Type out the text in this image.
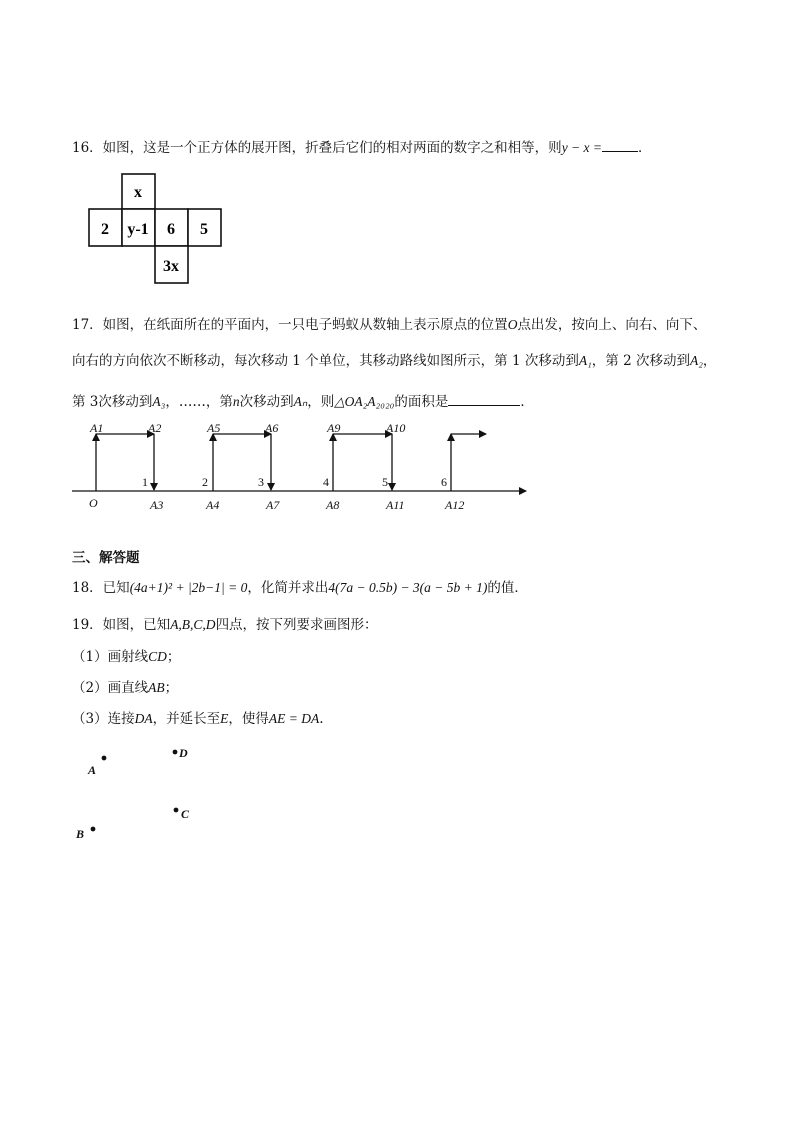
16．如图，这是一个正方体的展开图，折叠后它们的相对两面的数字之和相等，则y − x =	．
x
2 y-1 6 5
3x
17．如图，在纸面所在的平面内，一只电子蚂蚁从数轴上表示原点的位置O点出发，按向上、向右、向下、
向右的方向依次不断移动，每次移动 1 个单位，其移动路线如图所示，第 1 次移动到A₁，第 2 次移动到A₂，
第 3次移动到A₃，……，第n次移动到Aₙ，则△OA₂A₂₀₂₀的面积是	．
A1	A2	A5	A6	A9	A10
1	2	3	4	5	6
O	A3	A4	A7	A8	A11	A12
三、解答题
18．已知(4a+1)² + |2b−1| = 0，化简并求出4(7a − 0.5b) − 3(a − 5b + 1)的值．
19．如图，已知A,B,C,D四点，按下列要求画图形：
（1）画射线CD；
（2）画直线AB；
（3）连接DA，并延长至E，使得AE = DA.
A
D
C
B
